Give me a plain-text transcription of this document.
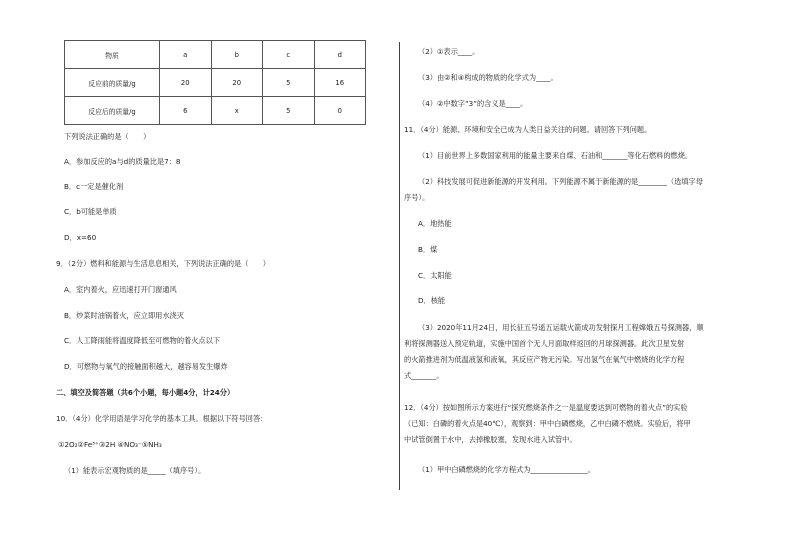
物质	a	b	c	d
反应前的质量/g	20	20	5	16
反应后的质量/g	6	x	5	0
下列说法正确的是（　　）
A．参加反应的a与d的质量比是7：8
B．c一定是催化剂
C．b可能是单质
D．x=60
9．（2分）燃料和能源与生活息息相关，下列说法正确的是（　　）
A．室内着火，应迅速打开门窗通风
B．炒菜时油锅着火，应立即用水浇灭
C．人工降雨能将温度降低至可燃物的着火点以下
D．可燃物与氧气的接触面积越大，越容易发生爆炸
二、填空及简答题（共6个小题，每小题4分，计24分）
10．（4分）化学用语是学习化学的基本工具。根据以下符号回答：
①2O₂②Fe³⁺③2H ④NO₃⁻⑤NH₃
（1）能表示宏观物质的是_____（填序号）。
（2）①表示____。
（3）由②和④构成的物质的化学式为____。
（4）②中数字“3”的含义是____。
11．（4分）能源、环境和安全已成为人类日益关注的问题。请回答下列问题。
（1）目前世界上多数国家利用的能量主要来自煤、石油和_______等化石燃料的燃烧。
（2）科技发展可促进新能源的开发利用。下列能源不属于新能源的是________（选填字母
序号）。
A．地热能
B．煤
C．太阳能
D．核能
（3）2020年11月24日，用长征五号遥五运载火箭成功发射探月工程嫦娥五号探测器，顺
利将探测器送入预定轨道，实施中国首个无人月面取样返回的月球探测器。此次卫星发射
的火箭推进剂为低温液氢和液氧，其反应产物无污染。写出氢气在氧气中燃烧的化学方程
式_______。
12．（4分）按如图所示方案进行“探究燃烧条件之一是温度要达到可燃物的着火点”的实验
（已知：白磷的着火点是40℃），观察到：甲中白磷燃烧，乙中白磷不燃烧。实验后，将甲
中试管倒置于水中，去掉橡胶塞，发现水进入试管中。
（1）甲中白磷燃烧的化学方程式为________________。
